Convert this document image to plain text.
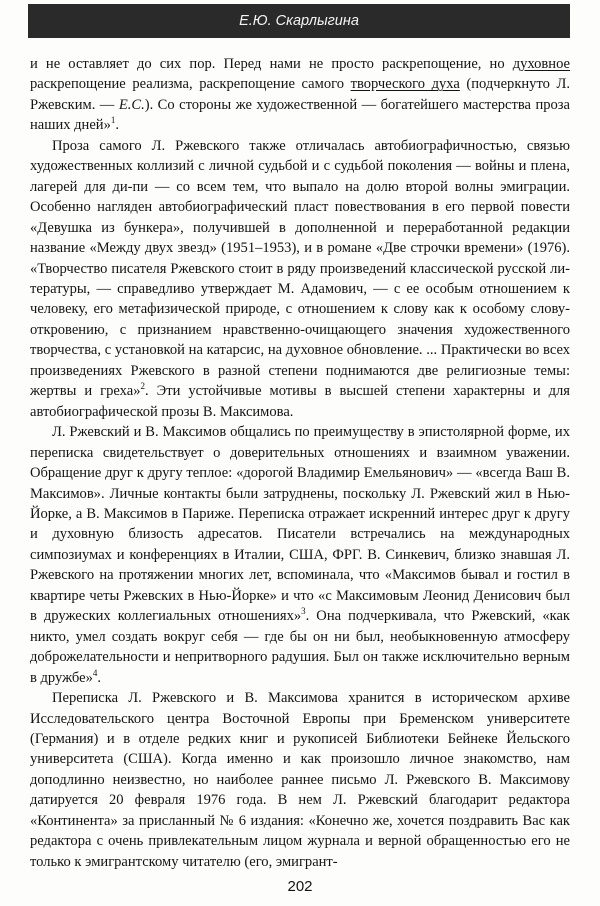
Е.Ю. Скарлыгина

и не оставляет до сих пор. Перед нами не просто раскрепощение, но духовное раскрепощение реализма, раскрепощение самого творческого духа (подчеркнуто Л. Ржевским. — Е.С.). Со стороны же художественной — богатейшего мастерства проза наших дней»$^1$.

Проза самого Л. Ржевского также отличалась автобиографичностью, связью художественных коллизий с личной судьбой и с судьбой поколения — войны и плена, лагерей для ди-пи — со всем тем, что выпало на долю второй волны эмиграции. Особенно нагляден автобиографический пласт повествования в его первой повести «Девушка из бункера», получившей в дополненной и переработанной редакции название «Между двух звезд» (1951–1953), и в романе «Две строчки времени» (1976). «Творчество писателя Ржевского стоит в ряду произведений классической русской литературы, — справедливо утверждает М. Адамович, — с ее особым отношением к человеку, его метафизической природе, с отношением к слову как к особому слову-откровению, с признанием нравственно-очищающего значения художественного творчества, с установкой на катарсис, на духовное обновление. ... Практически во всех произведениях Ржевского в разной степени поднимаются две религиозные темы: жертвы и греха»$^2$. Эти устойчивые мотивы в высшей степени характерны и для автобиографической прозы В. Максимова.

Л. Ржевский и В. Максимов общались по преимуществу в эпистолярной форме, их переписка свидетельствует о доверительных отношениях и взаимном уважении. Обращение друг к другу теплое: «дорогой Владимир Емельянович» — «всегда Ваш В. Максимов». Личные контакты были затруднены, поскольку Л. Ржевский жил в Нью-Йорке, а В. Максимов в Париже. Переписка отражает искренний интерес друг к другу и духовную близость адресатов. Писатели встречались на международных симпозиумах и конференциях в Италии, США, ФРГ. В. Синкевич, близко знавшая Л. Ржевского на протяжении многих лет, вспоминала, что «Максимов бывал и гостил в квартире четы Ржевских в Нью-Йорке» и что «с Максимовым Леонид Денисович был в дружеских коллегиальных отношениях»$^3$. Она подчеркивала, что Ржевский, «как никто, умел создать вокруг себя — где бы он ни был, необыкновенную атмосферу доброжелательности и непритворного радушия. Был он также исключительно верным в дружбе»$^4$.

Переписка Л. Ржевского и В. Максимова хранится в историческом архиве Исследовательского центра Восточной Европы при Бременском университете (Германия) и в отделе редких книг и рукописей Библиотеки Бейнеке Йельского университета (США). Когда именно и как произошло личное знакомство, нам доподлинно неизвестно, но наиболее раннее письмо Л. Ржевского В. Максимову датируется 20 февраля 1976 года. В нем Л. Ржевский благодарит редактора «Континента» за присланный № 6 издания: «Конечно же, хочется поздравить Вас как редактора с очень привлекательным лицом журнала и верной обращенностью его не только к эмигрантскому читателю (его, эмигрант-

202
